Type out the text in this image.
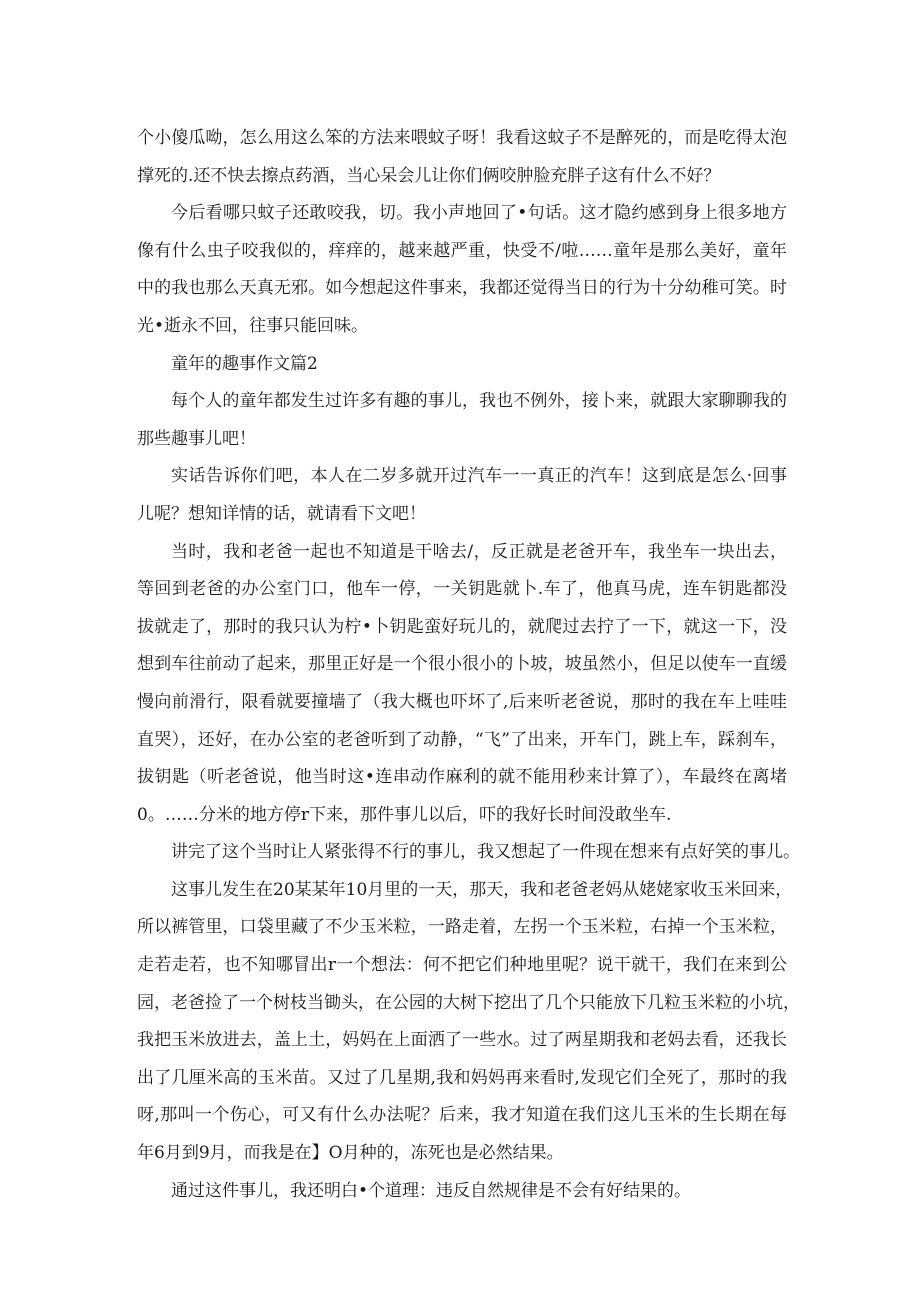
个小傻瓜呦，怎么用这么笨的方法来喂蚊子呀！我看这蚊子不是醉死的，而是吃得太泡
撑死的.还不快去擦点药酒，当心呆会儿让你们俩咬肿脸充胖子这有什么不好？
今后看哪只蚊子还敢咬我，切。我小声地回了•句话。这才隐约感到身上很多地方
像有什么虫子咬我似的，痒痒的，越来越严重，快受不/啦……童年是那么美好，童年
中的我也那么天真无邪。如今想起这件事来，我都还觉得当日的行为十分幼稚可笑。时
光•逝永不回，往事只能回味。
童年的趣事作文篇2
每个人的童年都发生过许多有趣的事儿，我也不例外，接卜来，就跟大家聊聊我的
那些趣事儿吧！
实话告诉你们吧，本人在二岁多就开过汽车一一真正的汽车！这到底是怎么·回事
儿呢？想知详情的话，就请看下文吧！
当时，我和老爸一起也不知道是干啥去/，反正就是老爸开车，我坐车一块出去，
等回到老爸的办公室门口，他车一停，一关钥匙就卜.车了，他真马虎，连车钥匙都没
拔就走了，那时的我只认为柠•卜钥匙蛮好玩儿的，就爬过去拧了一下，就这一下，没
想到车往前动了起来，那里正好是一个很小很小的卜坡，坡虽然小，但足以使车一直缓
慢向前滑行，限看就要撞墙了（我大概也吓坏了,后来听老爸说，那时的我在车上哇哇
直哭），还好，在办公室的老爸听到了动静，“飞”了出来，开车门，跳上车，踩刹车，
拔钥匙（听老爸说，他当时这•连串动作麻利的就不能用秒来计算了），车最终在离堵
0。……分米的地方停r下来，那件事儿以后，吓的我好长时间没敢坐车.
讲完了这个当时让人紧张得不行的事儿，我又想起了一件现在想来有点好笑的事儿。
这事儿发生在20某某年10月里的一天，那天，我和老爸老妈从姥姥家收玉米回来，
所以裤管里，口袋里藏了不少玉米粒，一路走着，左拐一个玉米粒，右掉一个玉米粒，
走若走若，也不知哪冒出r一个想法：何不把它们种地里呢？说干就干，我们在来到公
园，老爸捡了一个树枝当锄头，在公园的大树下挖出了几个只能放下几粒玉米粒的小坑，
我把玉米放进去，盖上土，妈妈在上面洒了一些水。过了两星期我和老妈去看，还我长
出了几厘米高的玉米苗。又过了几星期,我和妈妈再来看时,发现它们全死了，那时的我
呀,那叫一个伤心，可又有什么办法呢？后来，我才知道在我们这儿玉米的生长期在每
年6月到9月，而我是在】O月种的，冻死也是必然结果。
通过这件事儿，我还明白•个道理：违反自然规律是不会有好结果的。
